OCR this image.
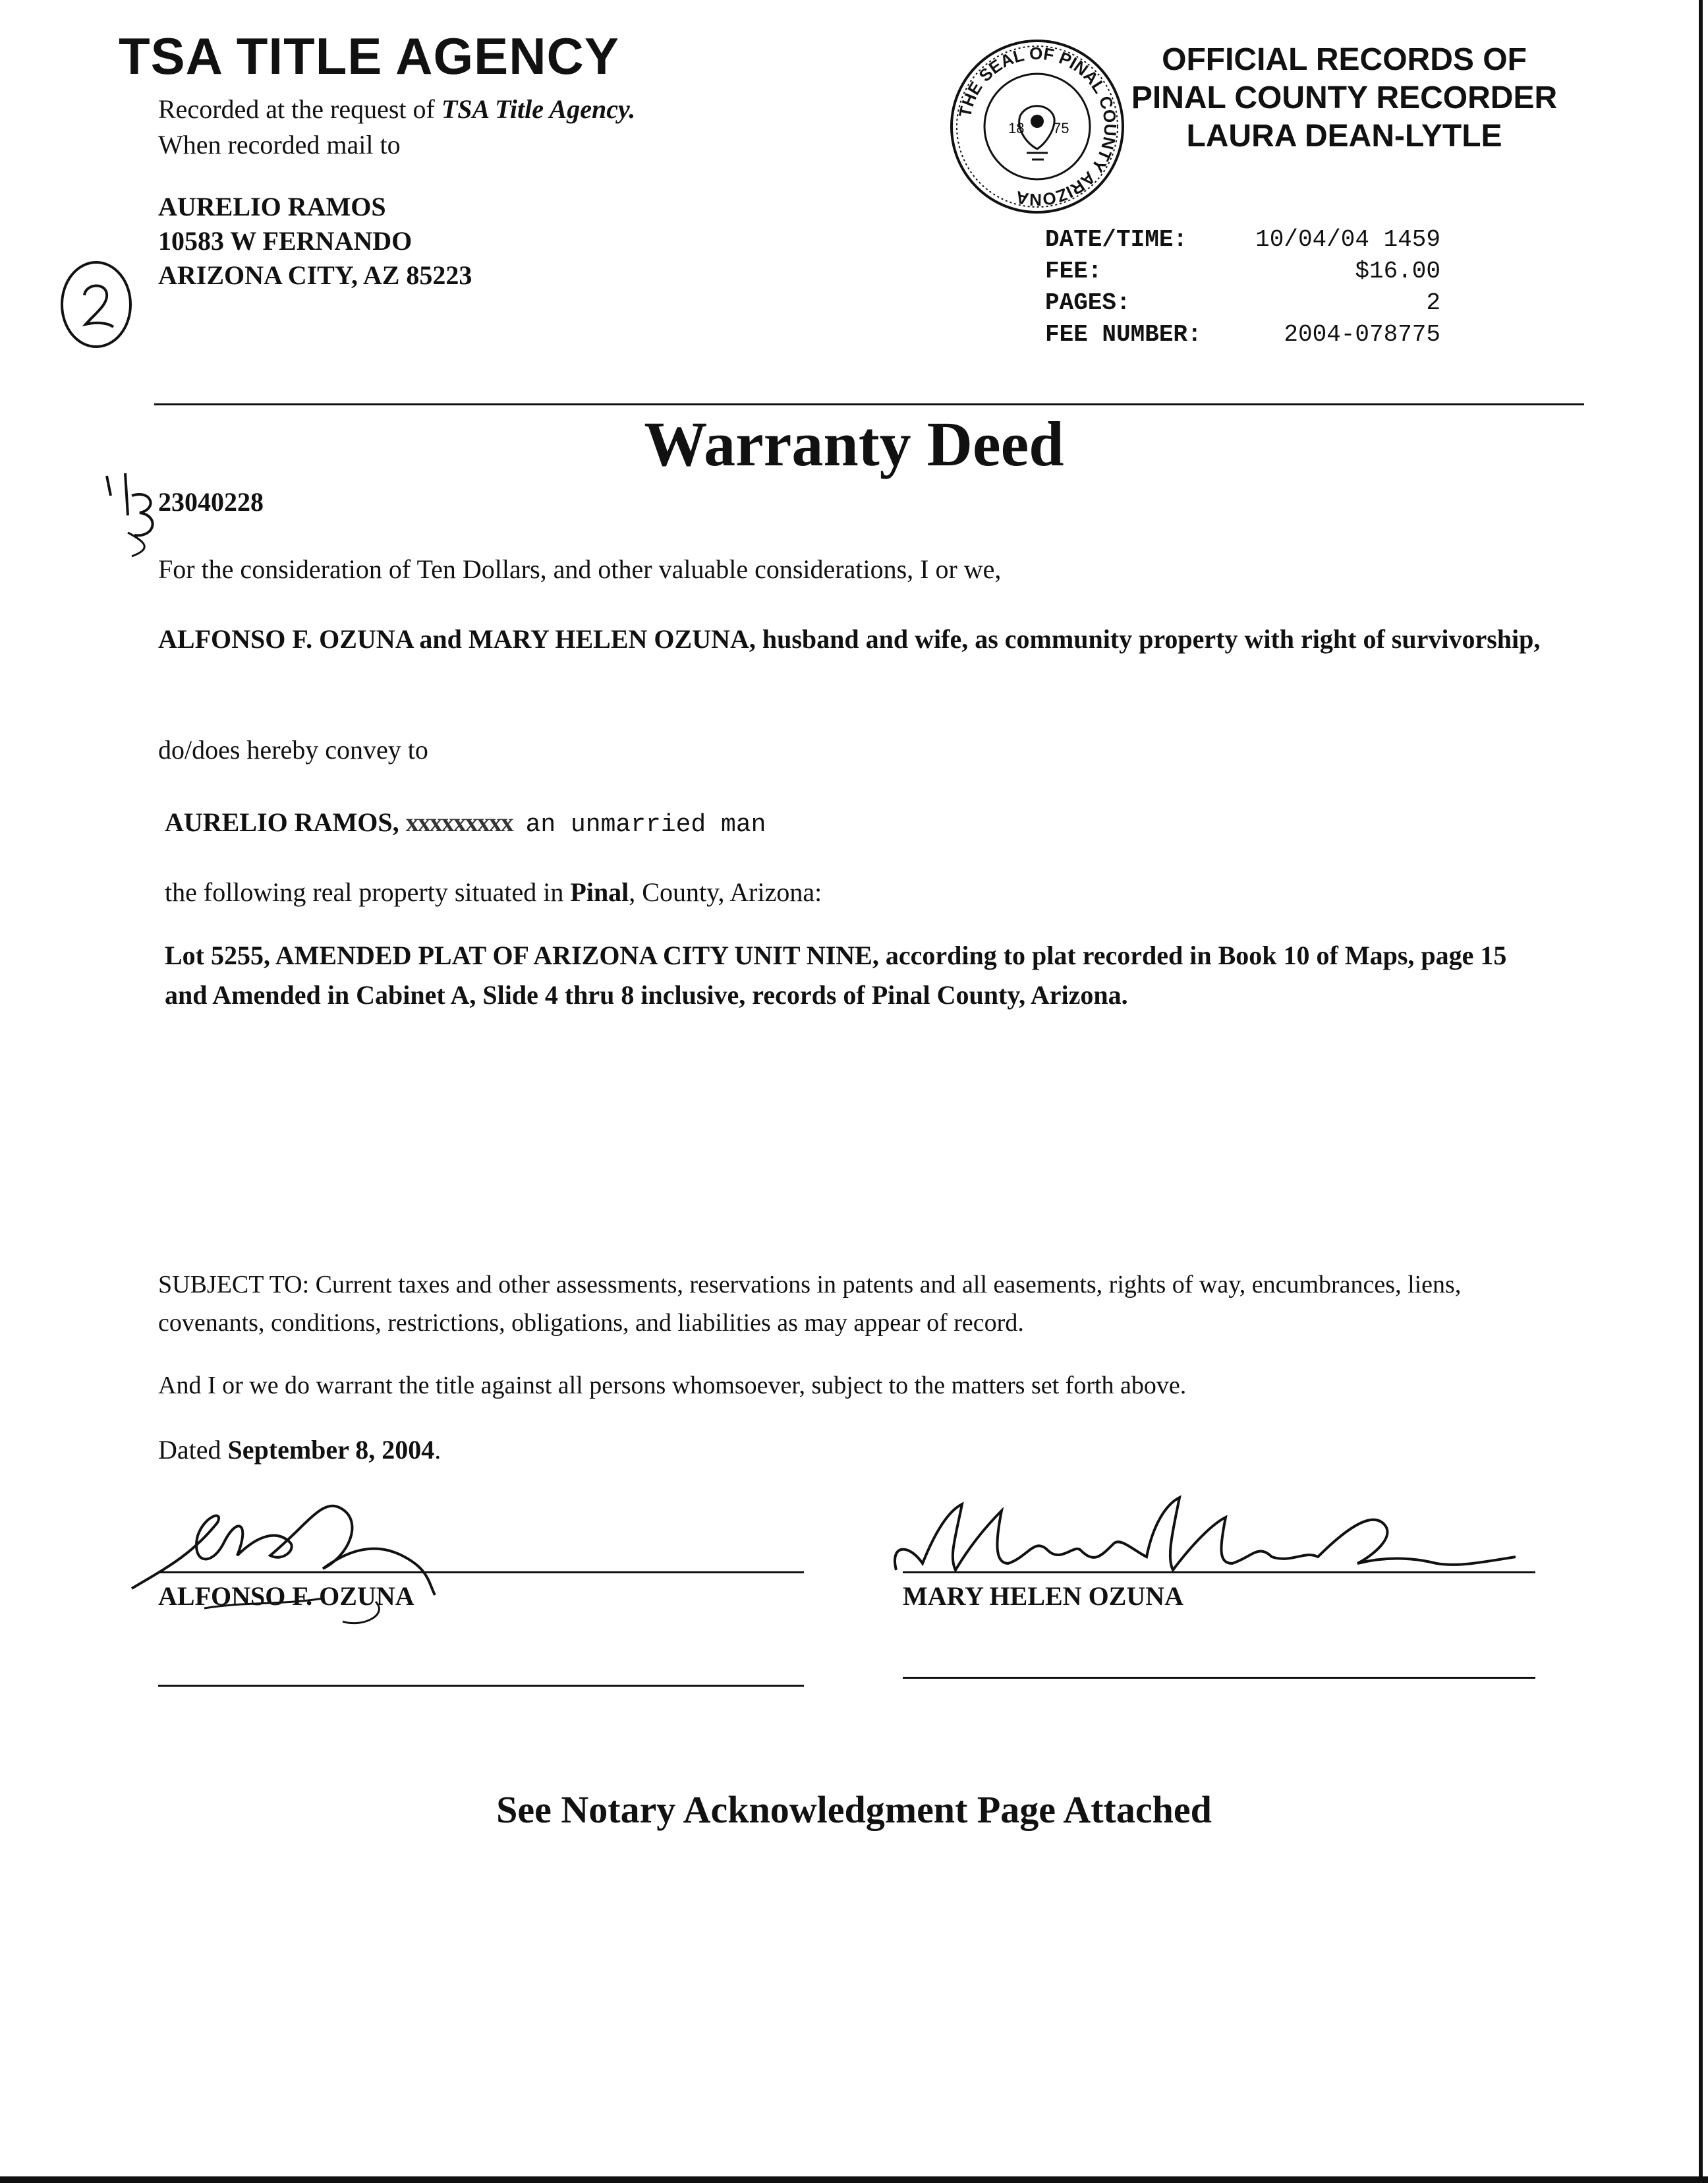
TSA TITLE AGENCY
Recorded at the request of TSA Title Agency.
When recorded mail to
AURELIO RAMOS
10583 W FERNANDO
ARIZONA CITY, AZ 85223
THE SEAL OF PINAL COUNTY ARIZONA
18 75
OFFICIAL RECORDS OF
PINAL COUNTY RECORDER
LAURA DEAN-LYTLE
DATE/TIME:	10/04/04 1459
FEE:	$16.00
PAGES:	2
FEE NUMBER:	2004-078775
Warranty Deed
23040228
For the consideration of Ten Dollars, and other valuable considerations, I or we,
ALFONSO F. OZUNA and MARY HELEN OZUNA, husband and wife, as community property with right of survivorship,
do/does hereby convey to
AURELIO RAMOS, xxxxxxxxx an unmarried man
the following real property situated in Pinal, County, Arizona:
Lot 5255, AMENDED PLAT OF ARIZONA CITY UNIT NINE, according to plat recorded in Book 10 of Maps, page 15 and Amended in Cabinet A, Slide 4 thru 8 inclusive, records of Pinal County, Arizona.
SUBJECT TO: Current taxes and other assessments, reservations in patents and all easements, rights of way, encumbrances, liens, covenants, conditions, restrictions, obligations, and liabilities as may appear of record.
And I or we do warrant the title against all persons whomsoever, subject to the matters set forth above.
Dated September 8, 2004.
ALFONSO F. OZUNA	MARY HELEN OZUNA
See Notary Acknowledgment Page Attached
